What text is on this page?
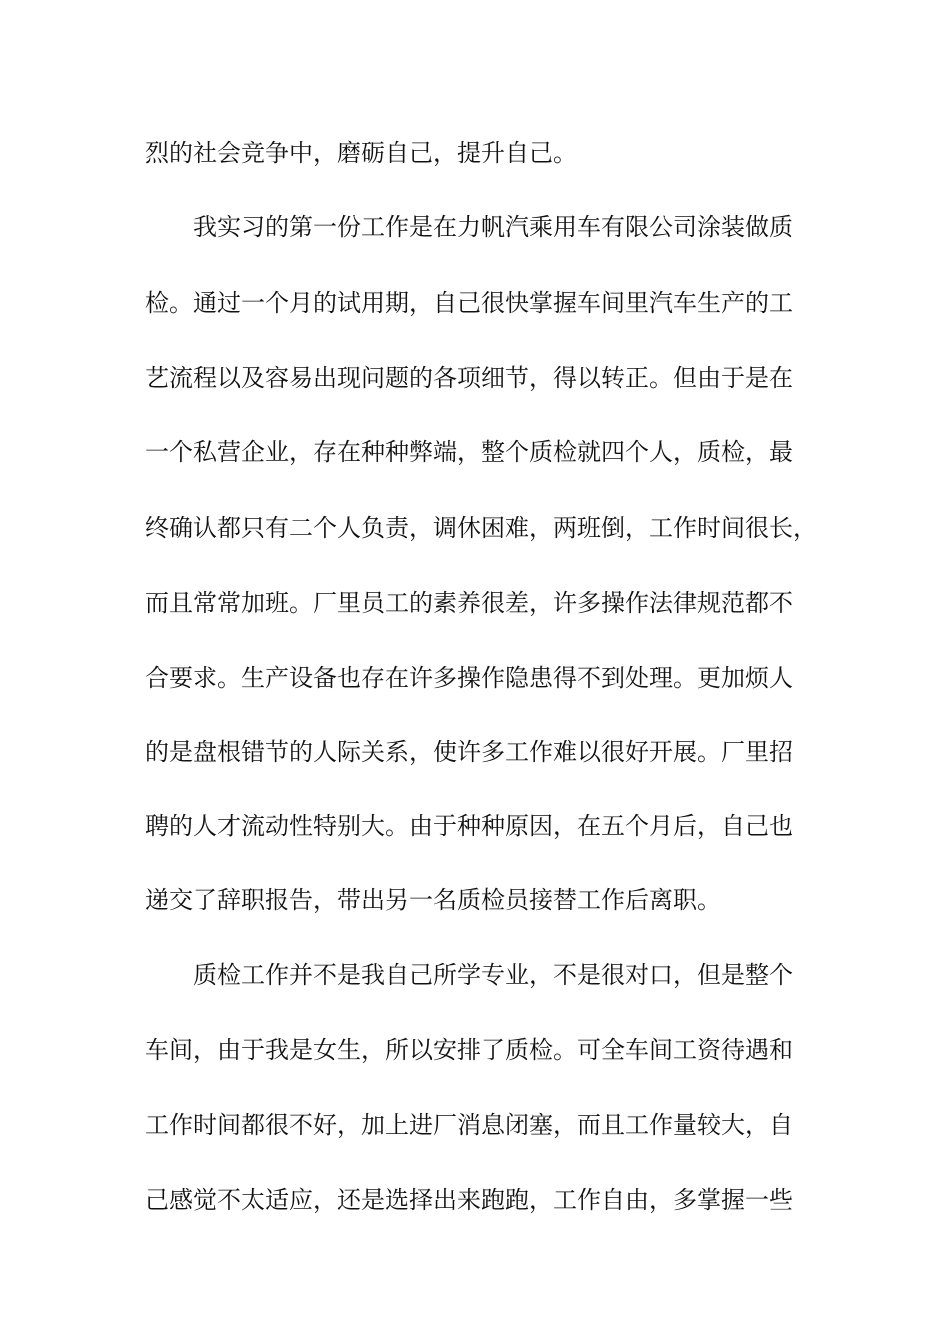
烈的社会竞争中，磨砺自己，提升自己。
我实习的第一份工作是在力帆汽乘用车有限公司涂装做质
检。通过一个月的试用期，自己很快掌握车间里汽车生产的工
艺流程以及容易出现问题的各项细节，得以转正。但由于是在
一个私营企业，存在种种弊端，整个质检就四个人，质检，最
终确认都只有二个人负责，调休困难，两班倒，工作时间很长，
而且常常加班。厂里员工的素养很差，许多操作法律规范都不
合要求。生产设备也存在许多操作隐患得不到处理。更加烦人
的是盘根错节的人际关系，使许多工作难以很好开展。厂里招
聘的人才流动性特别大。由于种种原因，在五个月后，自己也
递交了辞职报告，带出另一名质检员接替工作后离职。
质检工作并不是我自己所学专业，不是很对口，但是整个
车间，由于我是女生，所以安排了质检。可全车间工资待遇和
工作时间都很不好，加上进厂消息闭塞，而且工作量较大，自
己感觉不太适应，还是选择出来跑跑，工作自由，多掌握一些
